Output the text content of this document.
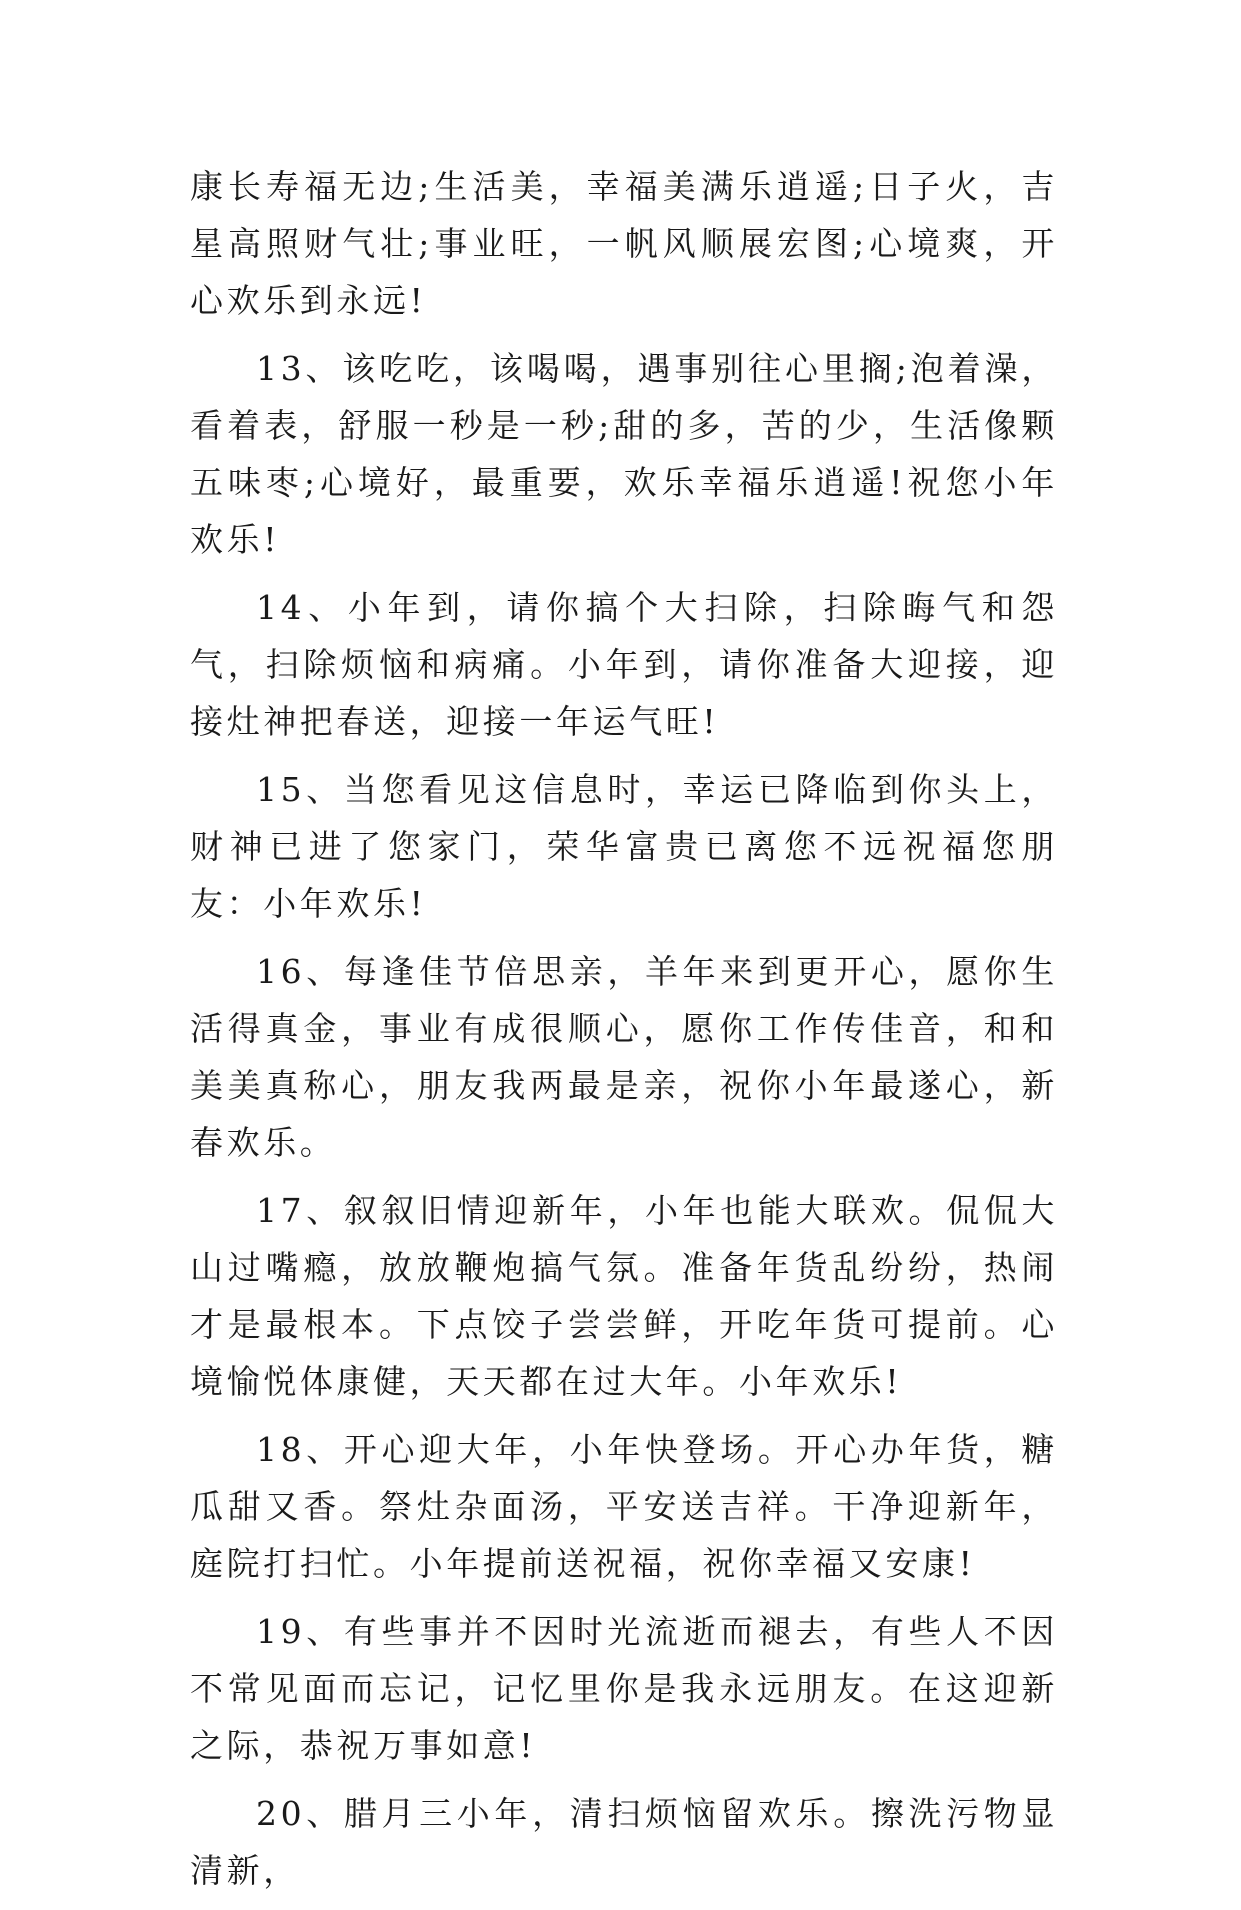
康长寿福无边;生活美，幸福美满乐逍遥;日子火，吉星高照财气壮;事业旺，一帆风顺展宏图;心境爽，开心欢乐到永远!

13、该吃吃，该喝喝，遇事别往心里搁;泡着澡，看着表，舒服一秒是一秒;甜的多，苦的少，生活像颗五味枣;心境好，最重要，欢乐幸福乐逍遥!祝您小年欢乐!

14、小年到，请你搞个大扫除，扫除晦气和怨气，扫除烦恼和病痛。小年到，请你准备大迎接，迎接灶神把春送，迎接一年运气旺!

15、当您看见这信息时，幸运已降临到你头上，财神已进了您家门，荣华富贵已离您不远祝福您朋友：小年欢乐!

16、每逢佳节倍思亲，羊年来到更开心，愿你生活得真金，事业有成很顺心，愿你工作传佳音，和和美美真称心，朋友我两最是亲，祝你小年最遂心，新春欢乐。

17、叙叙旧情迎新年，小年也能大联欢。侃侃大山过嘴瘾，放放鞭炮搞气氛。准备年货乱纷纷，热闹才是最根本。下点饺子尝尝鲜，开吃年货可提前。心境愉悦体康健，天天都在过大年。小年欢乐!

18、开心迎大年，小年快登场。开心办年货，糖瓜甜又香。祭灶杂面汤，平安送吉祥。干净迎新年，庭院打扫忙。小年提前送祝福，祝你幸福又安康!

19、有些事并不因时光流逝而褪去，有些人不因不常见面而忘记，记忆里你是我永远朋友。在这迎新之际，恭祝万事如意!

20、腊月三小年，清扫烦恼留欢乐。擦洗污物显清新，
